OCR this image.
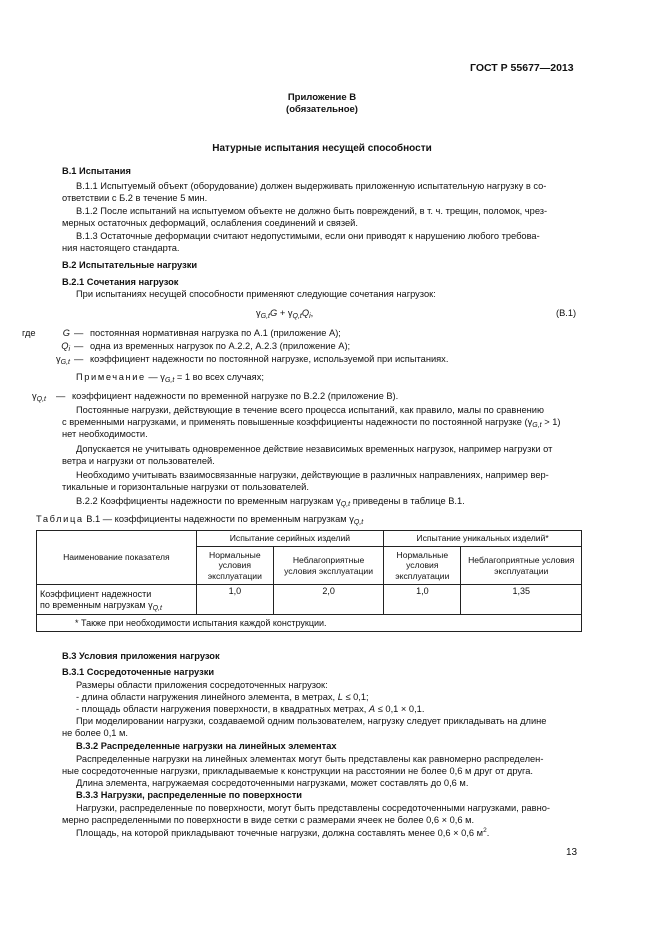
ГОСТ Р 55677—2013
Приложение В
(обязательное)
Натурные испытания несущей способности
В.1 Испытания
В.1.1 Испытуемый объект (оборудование) должен выдерживать приложенную испытательную нагрузку в со-
ответствии с Б.2 в течение 5 мин.
В.1.2 После испытаний на испытуемом объекте не должно быть повреждений, в т. ч. трещин, поломок, чрез-
мерных остаточных деформаций, ослабления соединений и связей.
В.1.3 Остаточные деформации считают недопустимыми, если они приводят к нарушению любого требова-
ния настоящего стандарта.
В.2 Испытательные нагрузки
В.2.1 Сочетания нагрузок
При испытаниях несущей способности применяют следующие сочетания нагрузок:
$\gamma_{G,t}G + \gamma_{Q,t}Q_i$,	(В.1)
где	G — постоянная нормативная нагрузка по А.1 (приложение А);
$Q_i$ — одна из временных нагрузок по А.2.2, А.2.3 (приложение А);
$\gamma_{G,t}$ — коэффициент надежности по постоянной нагрузке, используемой при испытаниях.
Примечание — $\gamma_{G,t} = 1$ во всех случаях;
$\gamma_{Q,t}$ — коэффициент надежности по временной нагрузке по В.2.2 (приложение В).
Постоянные нагрузки, действующие в течение всего процесса испытаний, как правило, малы по сравнению
с временными нагрузками, и применять повышенные коэффициенты надежности по постоянной нагрузке $(\gamma_{G,t} > 1)$
нет необходимости.
Допускается не учитывать одновременное действие независимых временных нагрузок, например нагрузки от
ветра и нагрузки от пользователей.
Необходимо учитывать взаимосвязанные нагрузки, действующие в различных направлениях, например вер-
тикальные и горизонтальные нагрузки от пользователей.
В.2.2 Коэффициенты надежности по временным нагрузкам $\gamma_{Q,t}$ приведены в таблице В.1.
Таблица В.1 — коэффициенты надежности по временным нагрузкам $\gamma_{Q,t}$
Наименование показателя	Испытание серийных изделий		Испытание уникальных изделий*	
	Нормальные условия эксплуатации	Неблагоприятные условия эксплуатации	Нормальные условия эксплуатации	Неблагоприятные условия эксплуатации
Коэффициент надежности
по временным нагрузкам $\gamma_{Q,t}$	1,0	2,0	1,0	1,35
* Также при необходимости испытания каждой конструкции.				
В.3 Условия приложения нагрузок
В.3.1 Сосредоточенные нагрузки
Размеры области приложения сосредоточенных нагрузок:
- длина области нагружения линейного элемента, в метрах, L ≤ 0,1;
- площадь области нагружения поверхности, в квадратных метрах, A ≤ 0,1 × 0,1.
При моделировании нагрузки, создаваемой одним пользователем, нагрузку следует прикладывать на длине
не более 0,1 м.
В.3.2 Распределенные нагрузки на линейных элементах
Распределенные нагрузки на линейных элементах могут быть представлены как равномерно распределен-
ные сосредоточенные нагрузки, прикладываемые к конструкции на расстоянии не более 0,6 м друг от друга.
Длина элемента, нагружаемая сосредоточенными нагрузками, может составлять до 0,6 м.
В.3.3 Нагрузки, распределенные по поверхности
Нагрузки, распределенные по поверхности, могут быть представлены сосредоточенными нагрузками, равно-
мерно распределенными по поверхности в виде сетки с размерами ячеек не более 0,6 × 0,6 м.
Площадь, на которой прикладывают точечные нагрузки, должна составлять менее 0,6 × 0,6 $м^2$.
13
